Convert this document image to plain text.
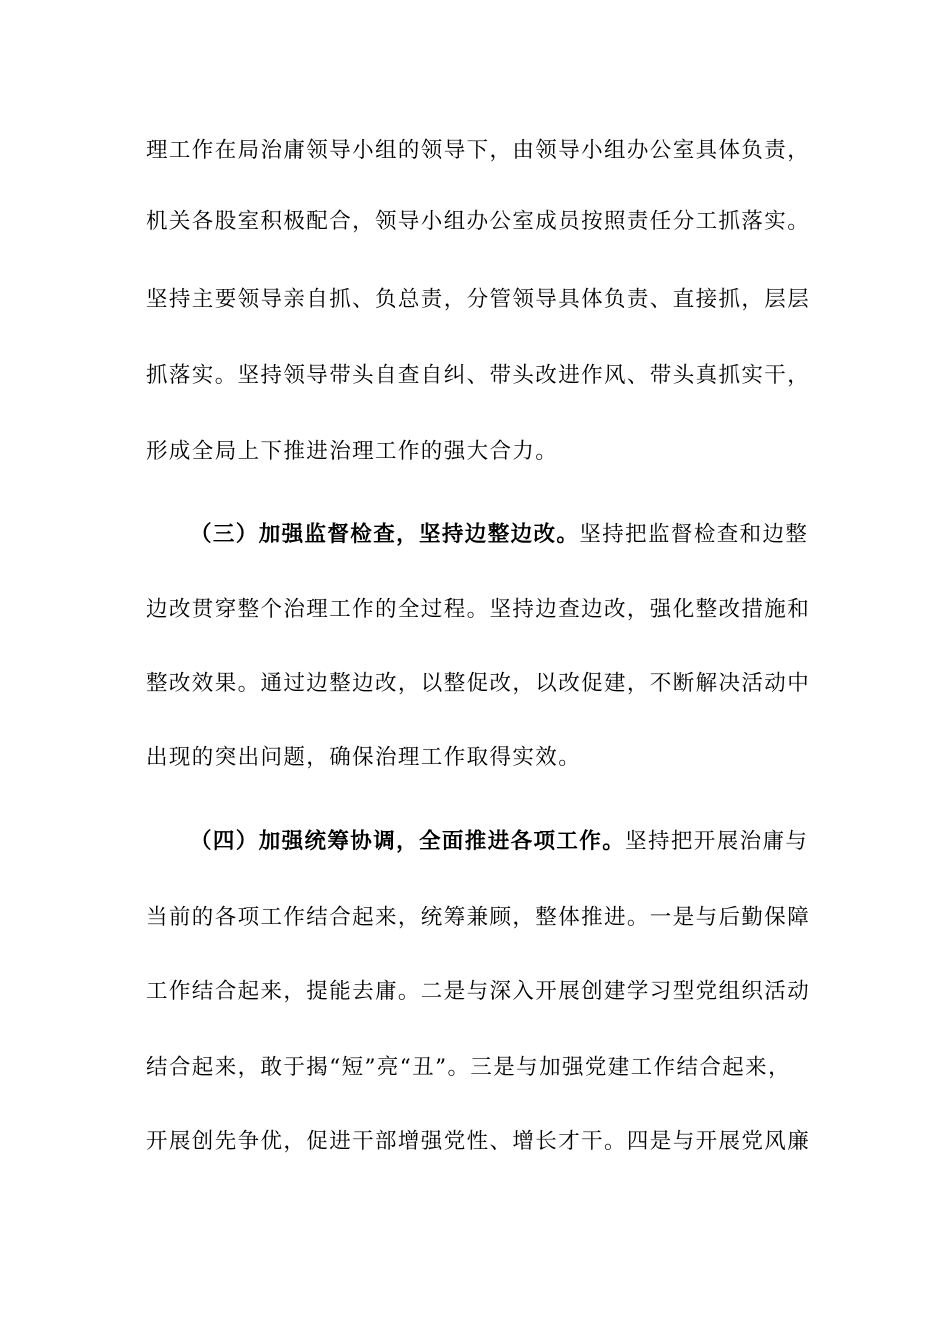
理工作在局治庸领导小组的领导下，由领导小组办公室具体负责，
机关各股室积极配合，领导小组办公室成员按照责任分工抓落实。
坚持主要领导亲自抓、负总责，分管领导具体负责、直接抓，层层
抓落实。坚持领导带头自查自纠、带头改进作风、带头真抓实干，
形成全局上下推进治理工作的强大合力。
（三）加强监督检查，坚持边整边改。坚持把监督检查和边整
边改贯穿整个治理工作的全过程。坚持边查边改，强化整改措施和
整改效果。通过边整边改，以整促改，以改促建，不断解决活动中
出现的突出问题，确保治理工作取得实效。
（四）加强统筹协调，全面推进各项工作。坚持把开展治庸与
当前的各项工作结合起来，统筹兼顾，整体推进。一是与后勤保障
工作结合起来，提能去庸。二是与深入开展创建学习型党组织活动
结合起来，敢于揭“短”亮“丑”。三是与加强党建工作结合起来，
开展创先争优，促进干部增强党性、增长才干。四是与开展党风廉
